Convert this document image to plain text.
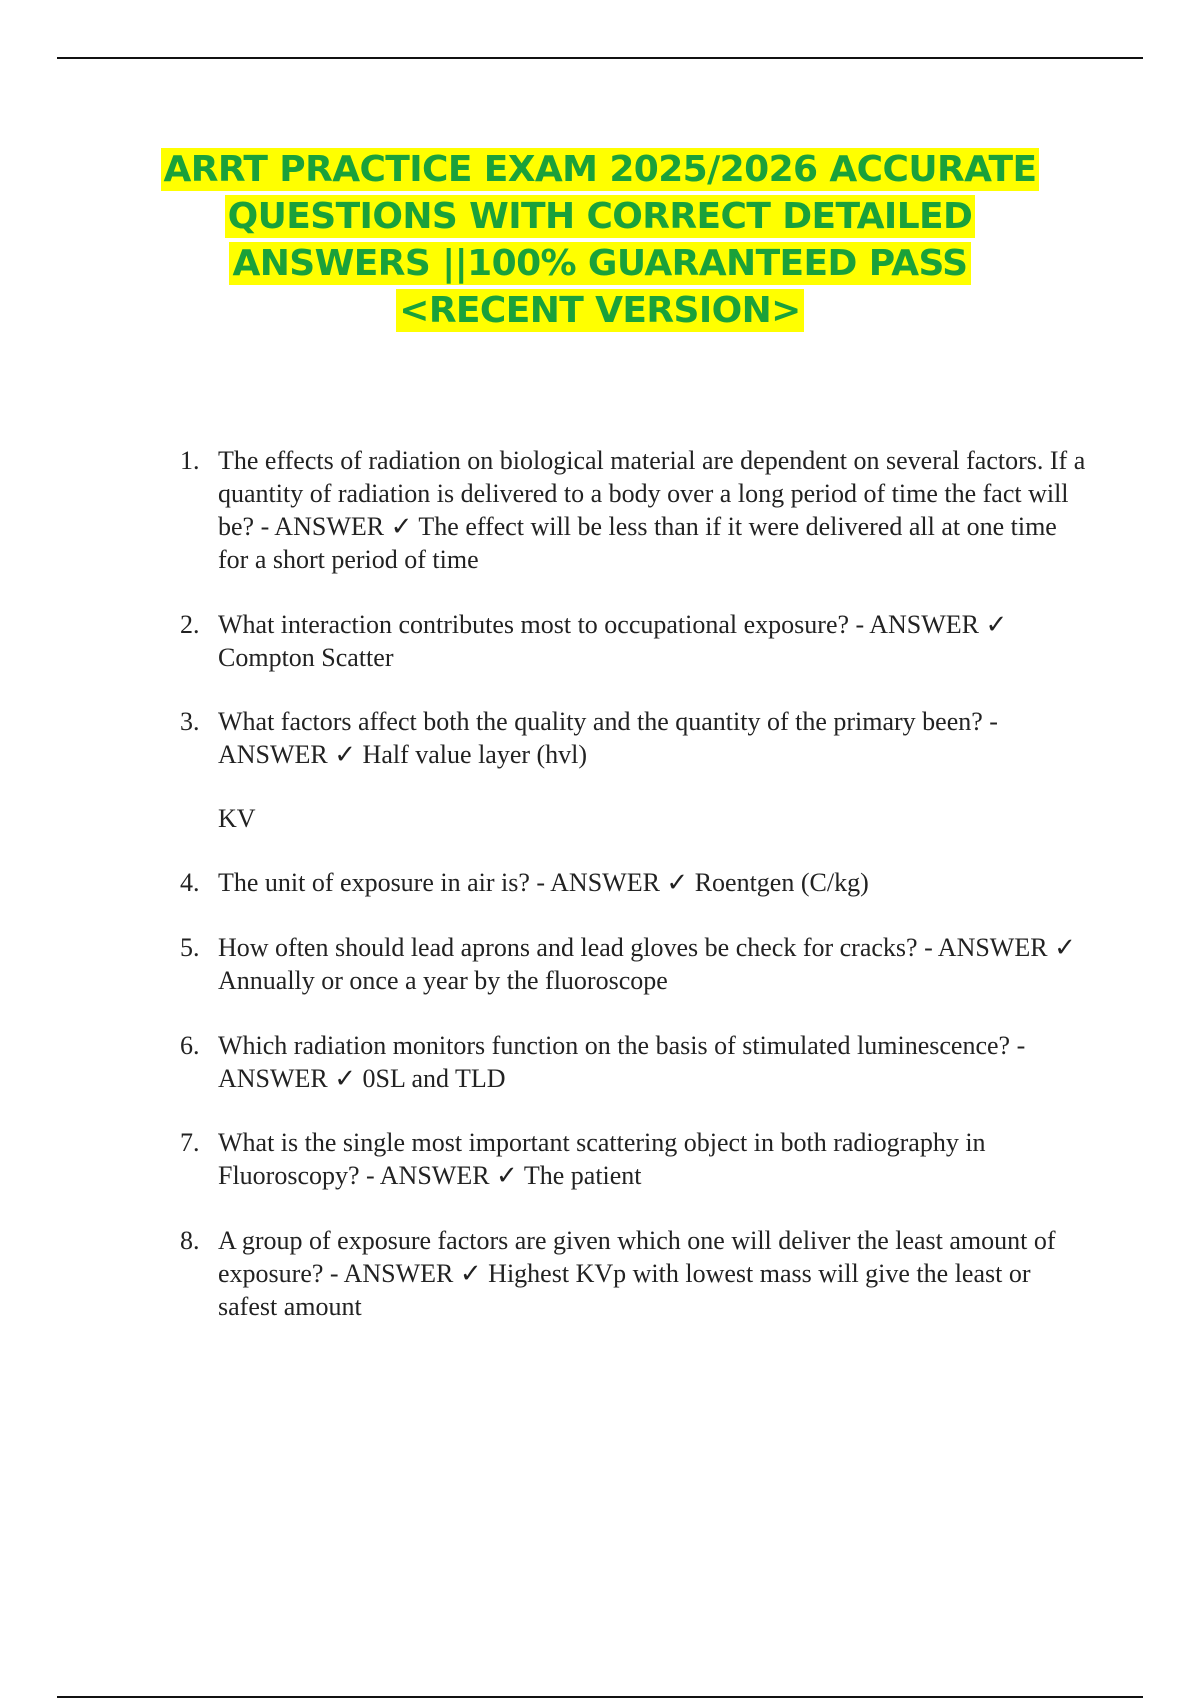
ARRT PRACTICE EXAM 2025/2026 ACCURATE
QUESTIONS WITH CORRECT DETAILED
ANSWERS ||100% GUARANTEED PASS
<RECENT VERSION>
1. The effects of radiation on biological material are dependent on several factors. If a quantity of radiation is delivered to a body over a long period of time the fact will be? - ANSWER ✓ The effect will be less than if it were delivered all at one time for a short period of time
2. What interaction contributes most to occupational exposure? - ANSWER ✓ Compton Scatter
3. What factors affect both the quality and the quantity of the primary been? - ANSWER ✓ Half value layer (hvl)
KV
4. The unit of exposure in air is? - ANSWER ✓ Roentgen (C/kg)
5. How often should lead aprons and lead gloves be check for cracks? - ANSWER ✓ Annually or once a year by the fluoroscope
6. Which radiation monitors function on the basis of stimulated luminescence? - ANSWER ✓ 0SL and TLD
7. What is the single most important scattering object in both radiography in Fluoroscopy? - ANSWER ✓ The patient
8. A group of exposure factors are given which one will deliver the least amount of exposure? - ANSWER ✓ Highest KVp with lowest mass will give the least or safest amount
